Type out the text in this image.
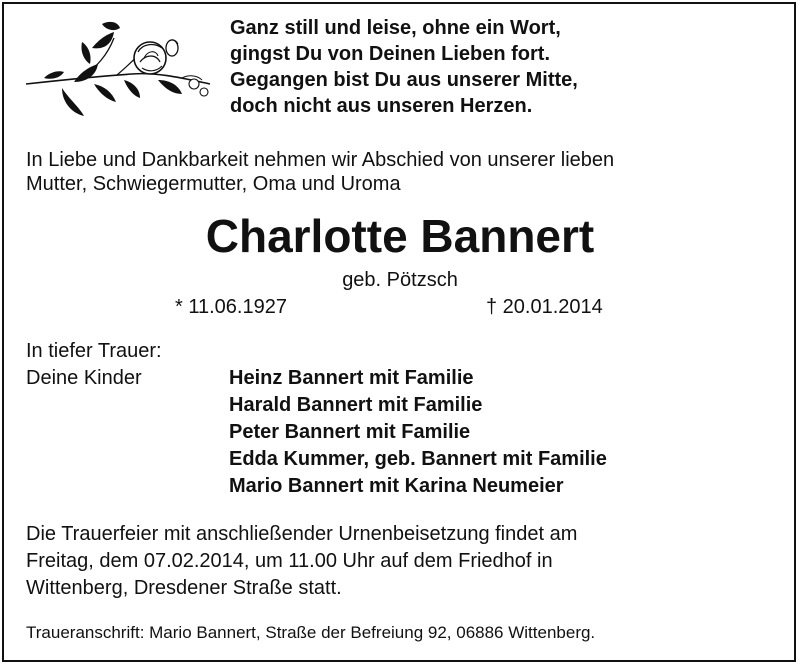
Ganz still und leise, ohne ein Wort,
gingst Du von Deinen Lieben fort.
Gegangen bist Du aus unserer Mitte,
doch nicht aus unseren Herzen.
In Liebe und Dankbarkeit nehmen wir Abschied von unserer lieben
Mutter, Schwiegermutter, Oma und Uroma
Charlotte Bannert
geb. Pötzsch
* 11.06.1927	† 20.01.2014
In tiefer Trauer:
Deine Kinder	Heinz Bannert mit Familie
Harald Bannert mit Familie
Peter Bannert mit Familie
Edda Kummer, geb. Bannert mit Familie
Mario Bannert mit Karina Neumeier
Die Trauerfeier mit anschließender Urnenbeisetzung findet am
Freitag, dem 07.02.2014, um 11.00 Uhr auf dem Friedhof in
Wittenberg, Dresdener Straße statt.
Traueranschrift: Mario Bannert, Straße der Befreiung 92, 06886 Wittenberg.
